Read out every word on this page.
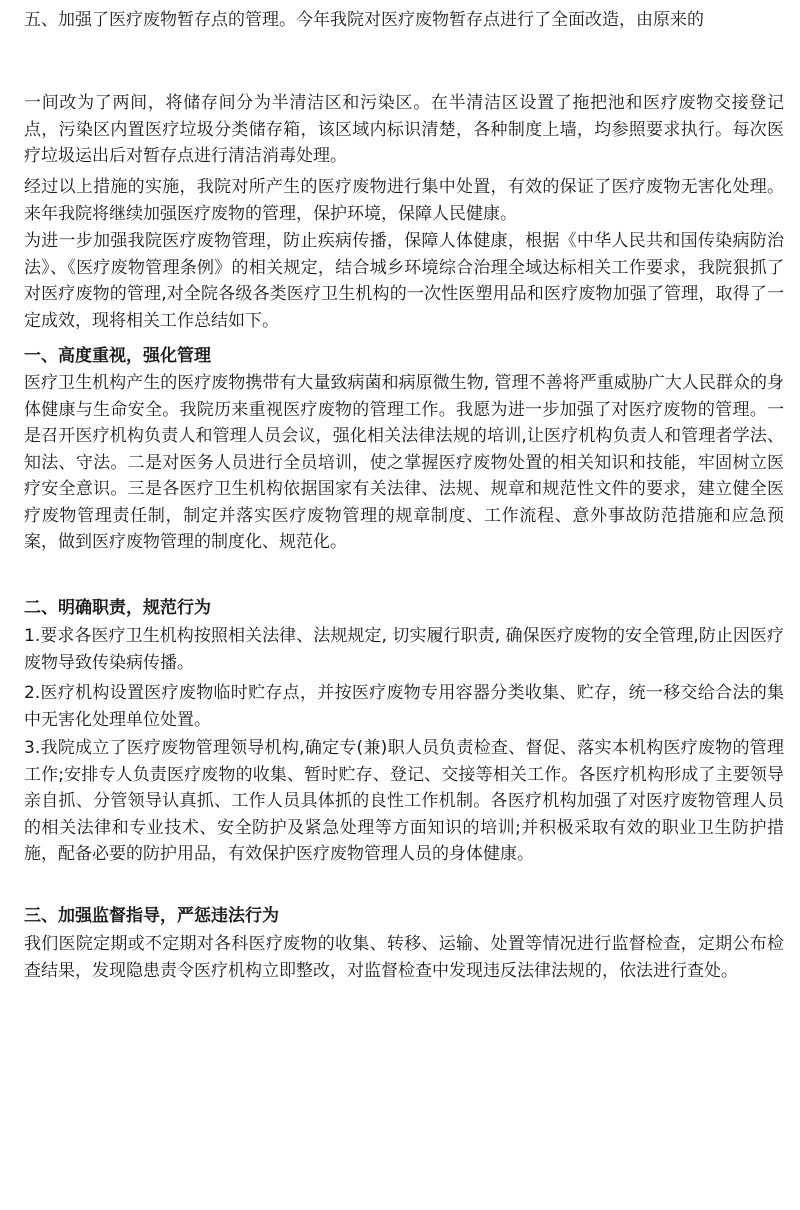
五、加强了医疗废物暂存点的管理。今年我院对医疗废物暂存点进行了全面改造，由原来的

一间改为了两间，将储存间分为半清洁区和污染区。在半清洁区设置了拖把池和医疗废物交接登记点，污染区内置医疗垃圾分类储存箱，该区域内标识清楚，各种制度上墙，均参照要求执行。每次医疗垃圾运出后对暂存点进行清洁消毒处理。

经过以上措施的实施，我院对所产生的医疗废物进行集中处置，有效的保证了医疗废物无害化处理。来年我院将继续加强医疗废物的管理，保护环境，保障人民健康。

为进一步加强我院医疗废物管理，防止疾病传播，保障人体健康，根据《中华人民共和国传染病防治法》、《医疗废物管理条例》的相关规定，结合城乡环境综合治理全域达标相关工作要求，我院狠抓了对医疗废物的管理,对全院各级各类医疗卫生机构的一次性医塑用品和医疗废物加强了管理，取得了一定成效，现将相关工作总结如下。

一、高度重视，强化管理

医疗卫生机构产生的医疗废物携带有大量致病菌和病原微生物, 管理不善将严重威胁广大人民群众的身体健康与生命安全。我院历来重视医疗废物的管理工作。我愿为进一步加强了对医疗废物的管理。一是召开医疗机构负责人和管理人员会议，强化相关法律法规的培训,让医疗机构负责人和管理者学法、知法、守法。二是对医务人员进行全员培训，使之掌握医疗废物处置的相关知识和技能，牢固树立医疗安全意识。三是各医疗卫生机构依据国家有关法律、法规、规章和规范性文件的要求，建立健全医疗废物管理责任制，制定并落实医疗废物管理的规章制度、工作流程、意外事故防范措施和应急预案，做到医疗废物管理的制度化、规范化。

二、明确职责，规范行为

1.要求各医疗卫生机构按照相关法律、法规规定, 切实履行职责, 确保医疗废物的安全管理,防止因医疗废物导致传染病传播。

2.医疗机构设置医疗废物临时贮存点，并按医疗废物专用容器分类收集、贮存，统一移交给合法的集中无害化处理单位处置。

3.我院成立了医疗废物管理领导机构,确定专(兼)职人员负责检查、督促、落实本机构医疗废物的管理工作;安排专人负责医疗废物的收集、暂时贮存、登记、交接等相关工作。各医疗机构形成了主要领导亲自抓、分管领导认真抓、工作人员具体抓的良性工作机制。各医疗机构加强了对医疗废物管理人员的相关法律和专业技术、安全防护及紧急处理等方面知识的培训;并积极采取有效的职业卫生防护措施，配备必要的防护用品，有效保护医疗废物管理人员的身体健康。

三、加强监督指导，严惩违法行为

我们医院定期或不定期对各科医疗废物的收集、转移、运输、处置等情况进行监督检查，定期公布检查结果，发现隐患责令医疗机构立即整改，对监督检查中发现违反法律法规的，依法进行查处。
